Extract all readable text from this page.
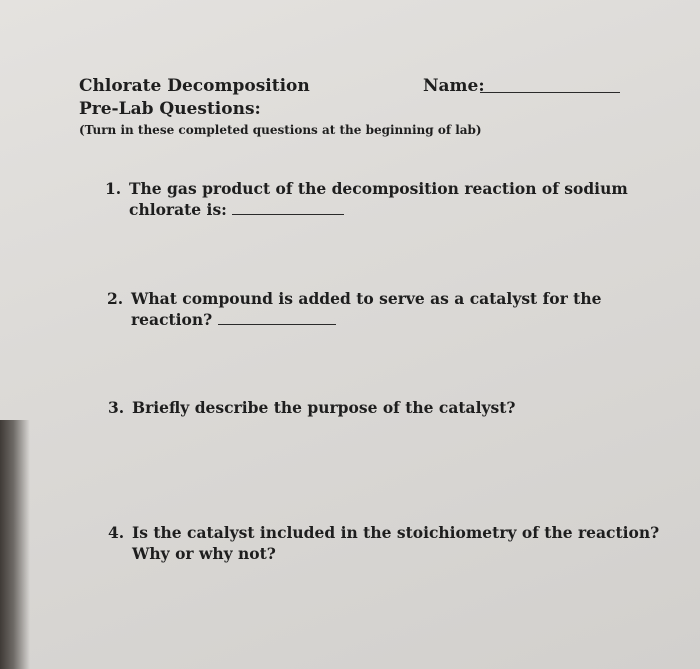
Chlorate Decomposition
Pre-Lab Questions:
(Turn in these completed questions at the beginning of lab)
Name:
1. The gas product of the decomposition reaction of sodium
chlorate is:
2. What compound is added to serve as a catalyst for the
reaction?
3. Briefly describe the purpose of the catalyst?
4. Is the catalyst included in the stoichiometry of the reaction?
Why or why not?
